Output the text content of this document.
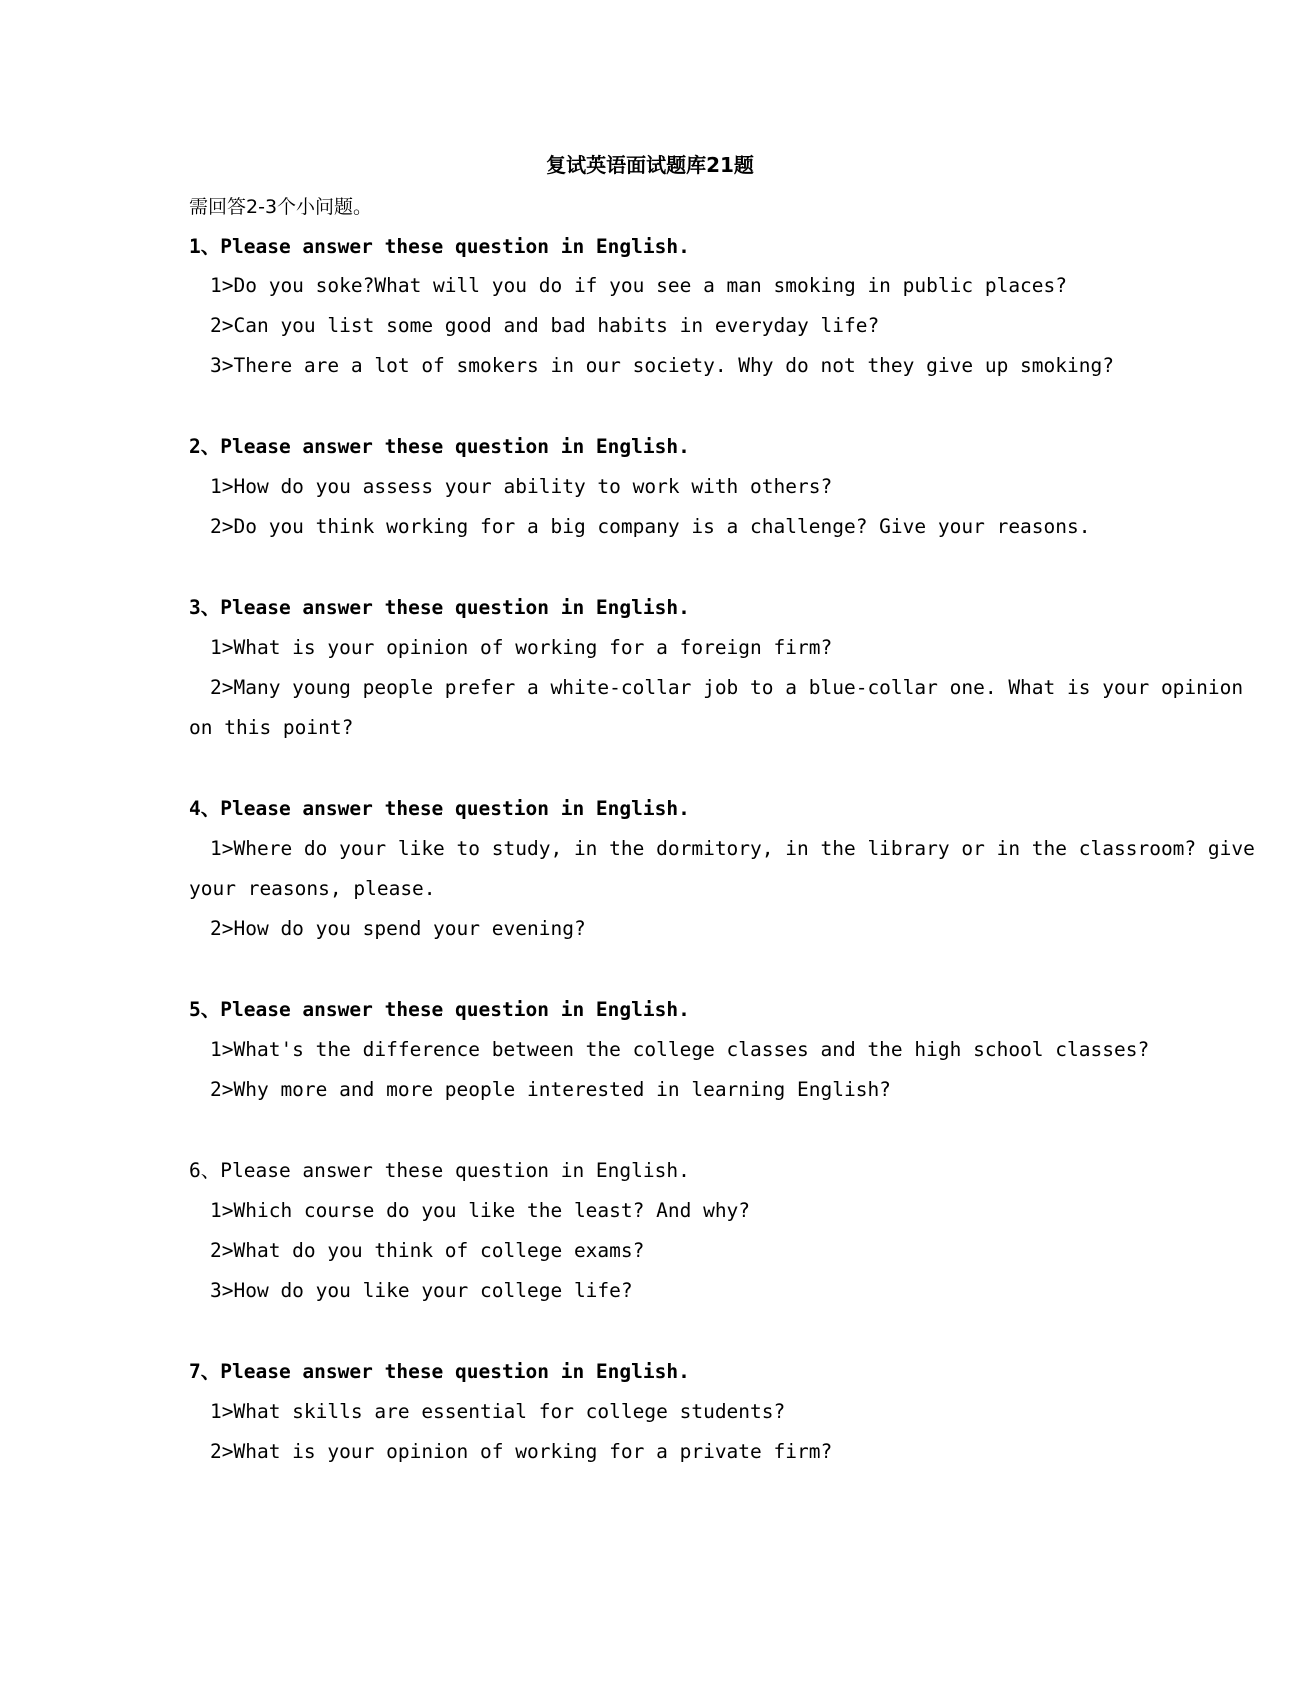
复试英语面试题库21题
需回答2-3个小问题。
1、Please answer these question in English.
1>Do you soke?What will you do if you see a man smoking in public places?
2>Can you list some good and bad habits in everyday life?
3>There are a lot of smokers in our society. Why do not they give up smoking?
2、Please answer these question in English.
1>How do you assess your ability to work with others?
2>Do you think working for a big company is a challenge? Give your reasons.
3、Please answer these question in English.
1>What is your opinion of working for a foreign firm?
2>Many young people prefer a white-collar job to a blue-collar one. What is your opinion
on this point?
4、Please answer these question in English.
1>Where do your like to study, in the dormitory, in the library or in the classroom? give
your reasons, please.
2>How do you spend your evening?
5、Please answer these question in English.
1>What's the difference between the college classes and the high school classes?
2>Why more and more people interested in learning English?
6、Please answer these question in English.
1>Which course do you like the least? And why?
2>What do you think of college exams?
3>How do you like your college life?
7、Please answer these question in English.
1>What skills are essential for college students?
2>What is your opinion of working for a private firm?
